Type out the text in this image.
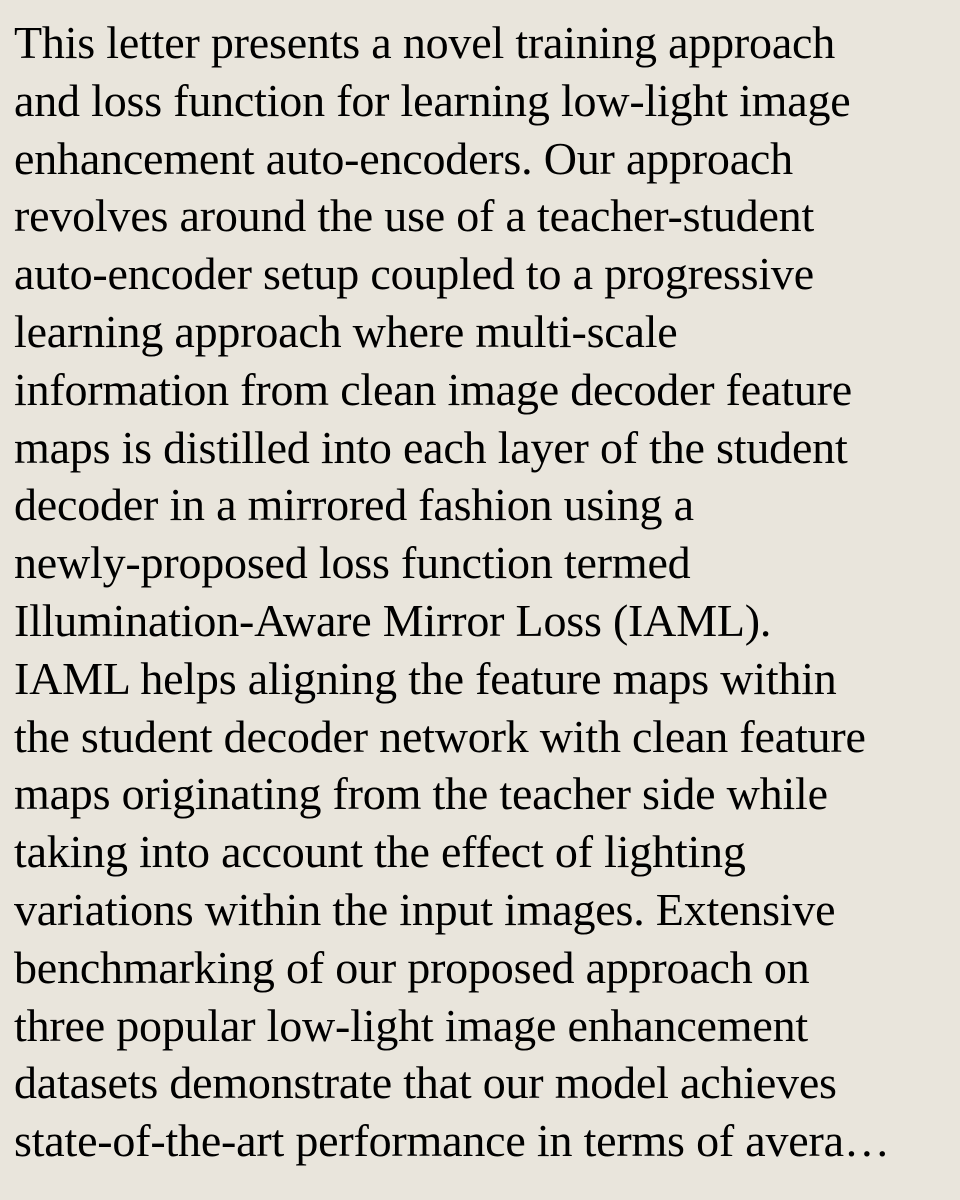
This letter presents a novel training approach
and loss function for learning low-light image
enhancement auto-encoders. Our approach
revolves around the use of a teacher-student
auto-encoder setup coupled to a progressive
learning approach where multi-scale
information from clean image decoder feature
maps is distilled into each layer of the student
decoder in a mirrored fashion using a
newly-proposed loss function termed
Illumination-Aware Mirror Loss (IAML).
IAML helps aligning the feature maps within
the student decoder network with clean feature
maps originating from the teacher side while
taking into account the effect of lighting
variations within the input images. Extensive
benchmarking of our proposed approach on
three popular low-light image enhancement
datasets demonstrate that our model achieves
state-of-the-art performance in terms of avera…
